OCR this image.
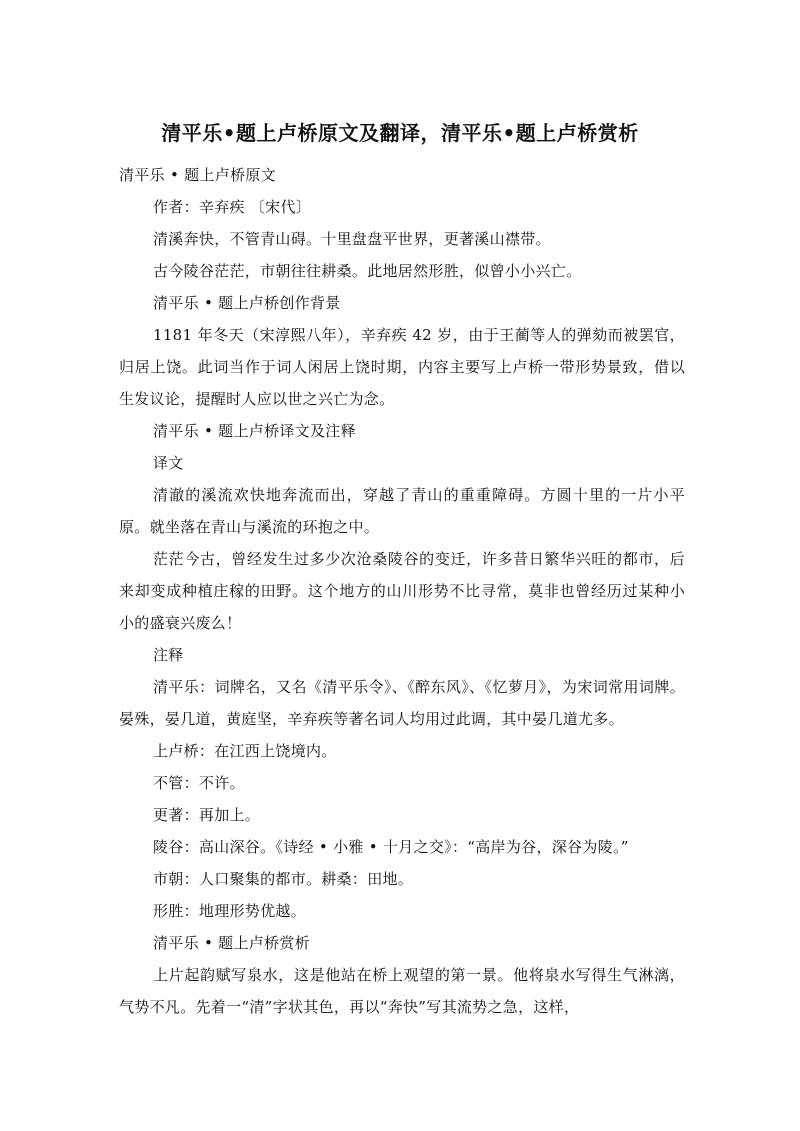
清平乐•题上卢桥原文及翻译，清平乐•题上卢桥赏析

清平乐 • 题上卢桥原文

作者：辛弃疾 〔宋代〕

清溪奔快，不管青山碍。十里盘盘平世界，更著溪山襟带。

古今陵谷茫茫，市朝往往耕桑。此地居然形胜，似曾小小兴亡。

清平乐 • 题上卢桥创作背景

1181 年冬天（宋淳熙八年），辛弃疾 42 岁，由于王蔺等人的弹劾而被罢官，归居上饶。此词当作于词人闲居上饶时期，内容主要写上卢桥一带形势景致，借以生发议论，提醒时人应以世之兴亡为念。

清平乐 • 题上卢桥译文及注释

译文

清澈的溪流欢快地奔流而出，穿越了青山的重重障碍。方圆十里的一片小平原。就坐落在青山与溪流的环抱之中。

茫茫今古，曾经发生过多少次沧桑陵谷的变迁，许多昔日繁华兴旺的都市，后来却变成种植庄稼的田野。这个地方的山川形势不比寻常，莫非也曾经历过某种小小的盛衰兴废么！

注释

清平乐：词牌名，又名《清平乐令》、《醉东风》、《忆萝月》，为宋词常用词牌。晏殊，晏几道，黄庭坚，辛弃疾等著名词人均用过此调，其中晏几道尤多。

上卢桥：在江西上饶境内。

不管：不许。

更著：再加上。

陵谷：高山深谷。《诗经 • 小雅 • 十月之交》：“高岸为谷，深谷为陵。”

市朝：人口聚集的都市。耕桑：田地。

形胜：地理形势优越。

清平乐 • 题上卢桥赏析

上片起韵赋写泉水，这是他站在桥上观望的第一景。他将泉水写得生气淋漓，气势不凡。先着一“清”字状其色，再以“奔快”写其流势之急，这样，
